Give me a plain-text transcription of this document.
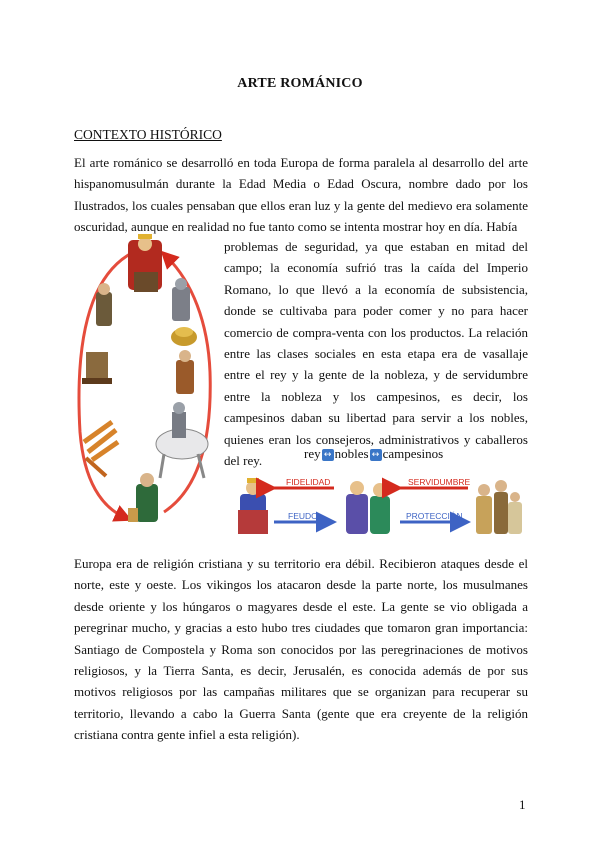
ARTE ROMÁNICO
CONTEXTO HISTÓRICO
El arte románico se desarrolló en toda Europa de forma paralela al desarrollo del arte hispanomusulmán durante la Edad Media o Edad Oscura, nombre dado por los Ilustrados, los cuales pensaban que ellos eran luz y la gente del medievo era solamente oscuridad, aunque en realidad no fue tanto como se intenta mostrar hoy en día. Había
problemas de seguridad, ya que estaban en mitad del campo; la economía sufrió tras la caída del Imperio Romano, lo que llevó a la economía de subsistencia, donde se cultivaba para poder comer y no para hacer comercio de compra-venta con los productos. La relación entre las clases sociales en esta etapa era de vasallaje entre el rey y la gente de la nobleza, y de servidumbre entre la nobleza y los campesinos, es decir, los campesinos daban su libertad para servir a los nobles, quienes eran los consejeros, administrativos y caballeros del rey.	rey ↔ nobles ↔ campesinos
FIDELIDAD
FEUDO
SERVIDUMBRE
PROTECCIÓN
Europa era de religión cristiana y su territorio era débil. Recibieron ataques desde el norte, este y oeste. Los vikingos los atacaron desde la parte norte, los musulmanes desde oriente y los húngaros o magyares desde el este. La gente se vio obligada a peregrinar mucho, y gracias a esto hubo tres ciudades que tomaron gran importancia: Santiago de Compostela y Roma son conocidos por las peregrinaciones de motivos religiosos, y la Tierra Santa, es decir, Jerusalén, es conocida además de por sus motivos religiosos por las campañas militares que se organizan para recuperar su territorio, llevando a cabo la Guerra Santa (gente que era creyente de la religión cristiana contra gente infiel a esta religión).
1
